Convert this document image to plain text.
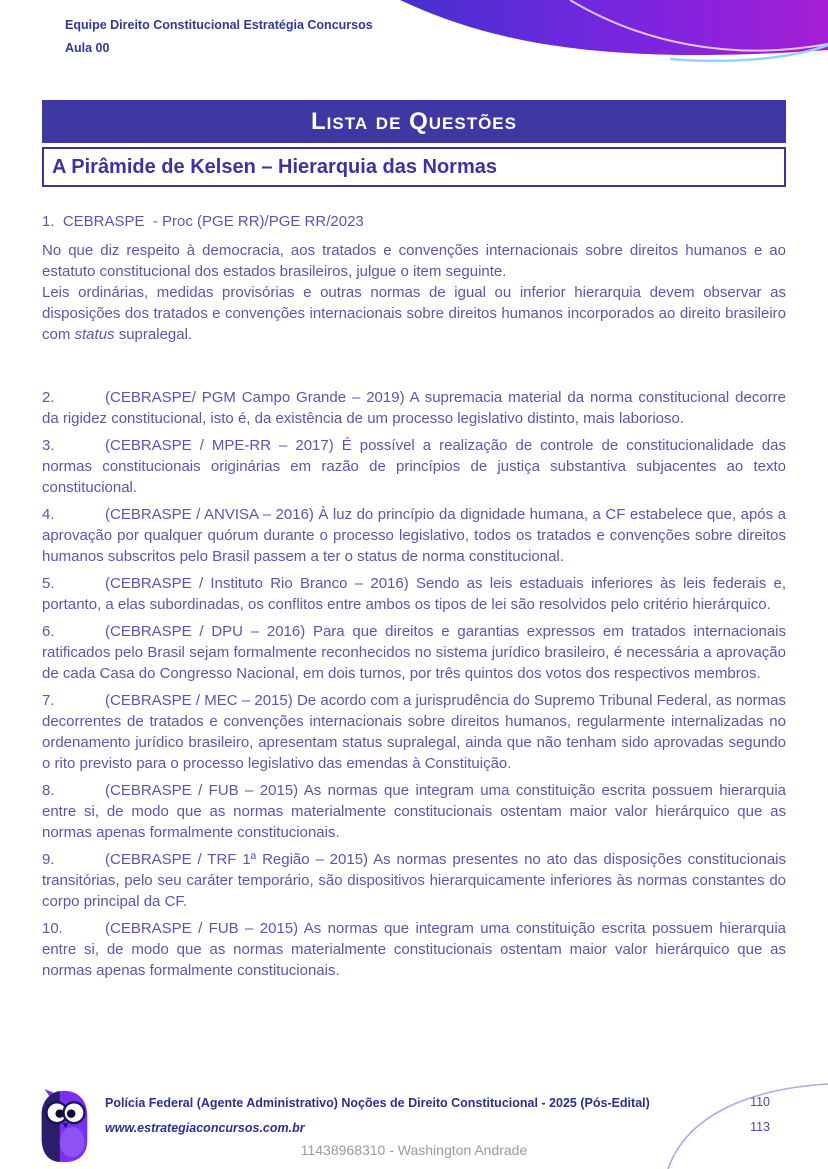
Equipe Direito Constitucional Estratégia Concursos
Aula 00
Lista de Questões
A Pirâmide de Kelsen – Hierarquia das Normas

1.  CEBRASPE  - Proc (PGE RR)/PGE RR/2023

No que diz respeito à democracia, aos tratados e convenções internacionais sobre direitos humanos e ao estatuto constitucional dos estados brasileiros, julgue o item seguinte.

Leis ordinárias, medidas provisórias e outras normas de igual ou inferior hierarquia devem observar as disposições dos tratados e convenções internacionais sobre direitos humanos incorporados ao direito brasileiro com status supralegal.

2.	(CEBRASPE/ PGM Campo Grande – 2019) A supremacia material da norma constitucional decorre da rigidez constitucional, isto é, da existência de um processo legislativo distinto, mais laborioso.

3.	(CEBRASPE / MPE-RR – 2017) É possível a realização de controle de constitucionalidade das normas constitucionais originárias em razão de princípios de justiça substantiva subjacentes ao texto constitucional.

4.	(CEBRASPE / ANVISA – 2016) À luz do princípio da dignidade humana, a CF estabelece que, após a aprovação por qualquer quórum durante o processo legislativo, todos os tratados e convenções sobre direitos humanos subscritos pelo Brasil passem a ter o status de norma constitucional.

5.	(CEBRASPE / Instituto Rio Branco – 2016) Sendo as leis estaduais inferiores às leis federais e, portanto, a elas subordinadas, os conflitos entre ambos os tipos de lei são resolvidos pelo critério hierárquico.

6.	(CEBRASPE / DPU – 2016) Para que direitos e garantias expressos em tratados internacionais ratificados pelo Brasil sejam formalmente reconhecidos no sistema jurídico brasileiro, é necessária a aprovação de cada Casa do Congresso Nacional, em dois turnos, por três quintos dos votos dos respectivos membros.

7.	(CEBRASPE / MEC – 2015) De acordo com a jurisprudência do Supremo Tribunal Federal, as normas decorrentes de tratados e convenções internacionais sobre direitos humanos, regularmente internalizadas no ordenamento jurídico brasileiro, apresentam status supralegal, ainda que não tenham sido aprovadas segundo o rito previsto para o processo legislativo das emendas à Constituição.

8.	(CEBRASPE / FUB – 2015) As normas que integram uma constituição escrita possuem hierarquia entre si, de modo que as normas materialmente constitucionais ostentam maior valor hierárquico que as normas apenas formalmente constitucionais.

9.	(CEBRASPE / TRF 1ª Região – 2015) As normas presentes no ato das disposições constitucionais transitórias, pelo seu caráter temporário, são dispositivos hierarquicamente inferiores às normas constantes do corpo principal da CF.

10.	(CEBRASPE / FUB – 2015) As normas que integram uma constituição escrita possuem hierarquia entre si, de modo que as normas materialmente constitucionais ostentam maior valor hierárquico que as normas apenas formalmente constitucionais.

Polícia Federal (Agente Administrativo) Noções de Direito Constitucional - 2025 (Pós-Edital)
www.estrategiaconcursos.com.br
110
113
11438968310 - Washington Andrade
